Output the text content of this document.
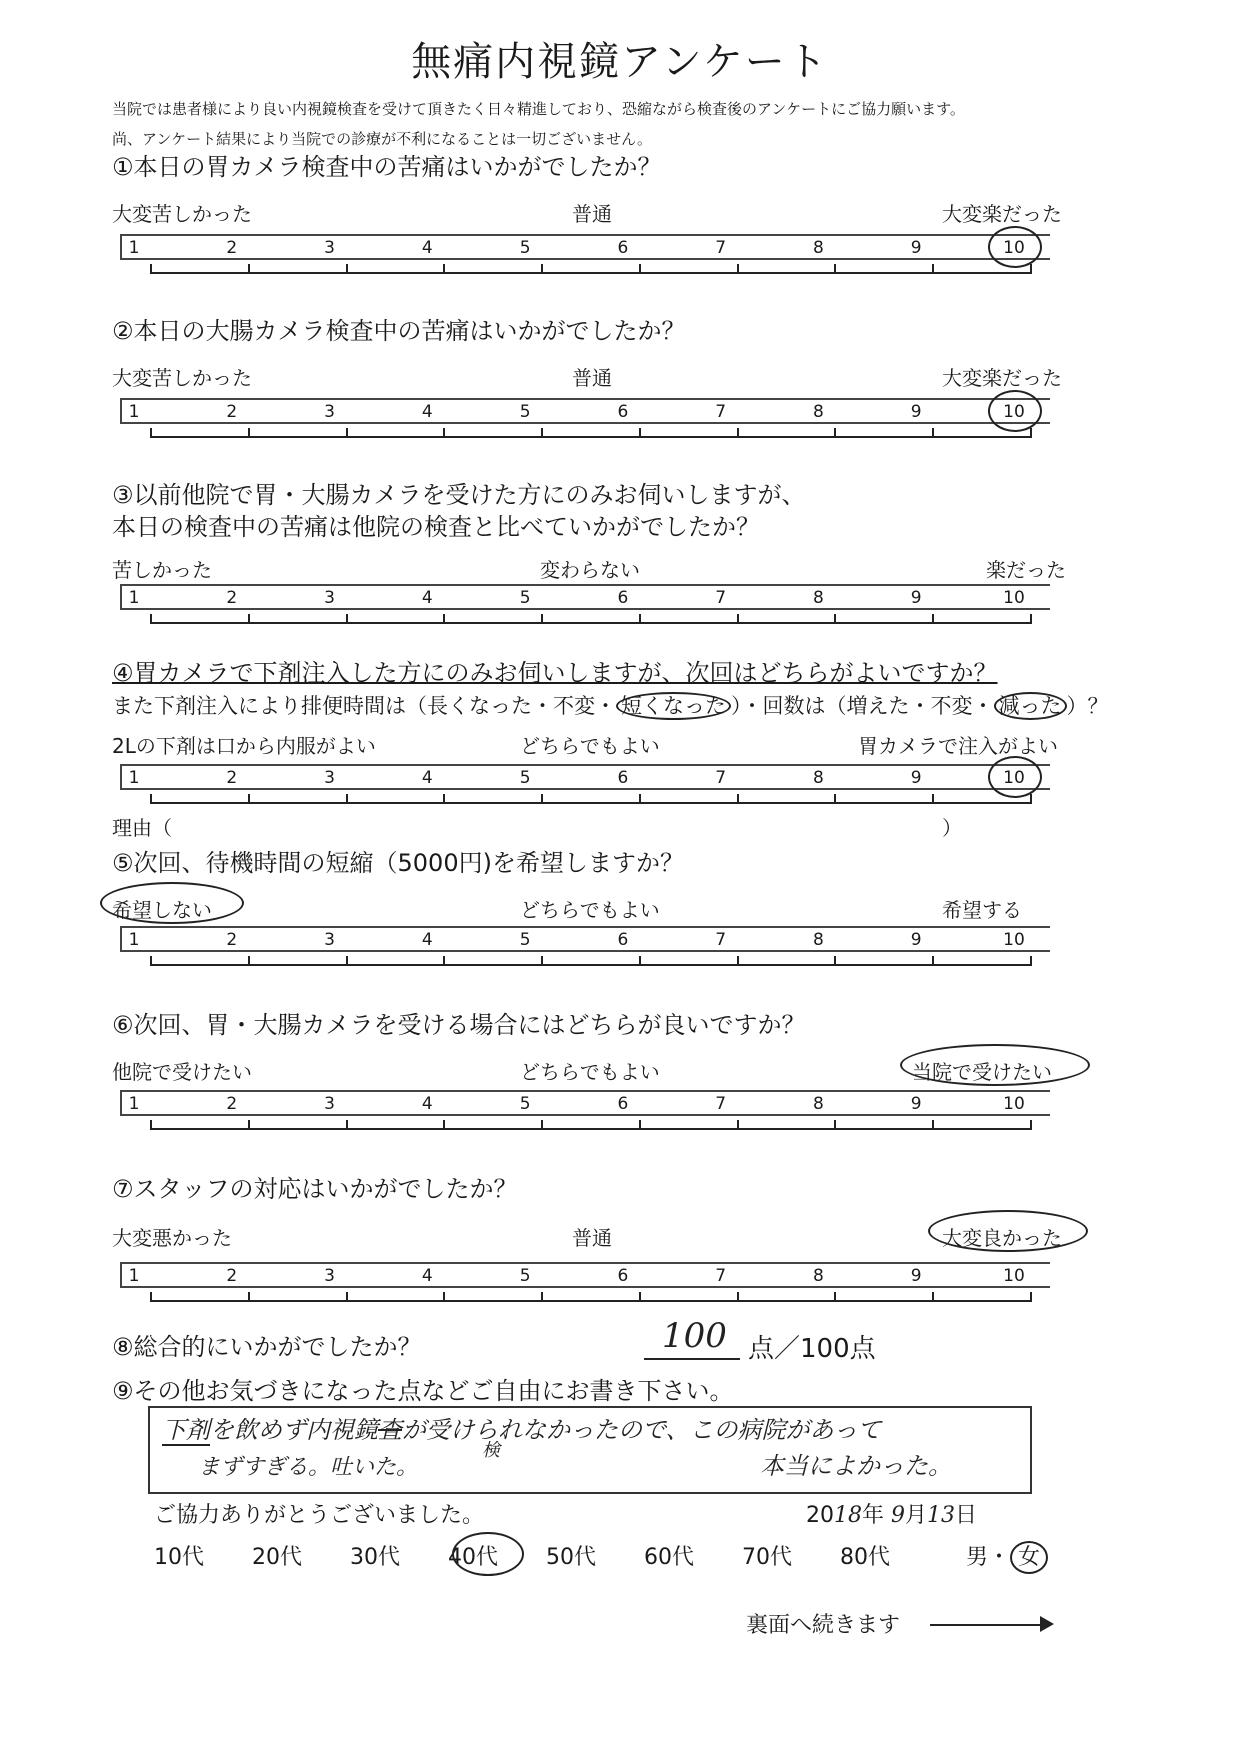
無痛内視鏡アンケート
当院では患者様により良い内視鏡検査を受けて頂きたく日々精進しており、恐縮ながら検査後のアンケートにご協力願います。
尚、アンケート結果により当院での診療が不利になることは一切ございません。
①本日の胃カメラ検査中の苦痛はいかがでしたか？
大変苦しかった	普通	大変楽だった
1	2	3	4	5	6	7	8	9	10
②本日の大腸カメラ検査中の苦痛はいかがでしたか？
大変苦しかった	普通	大変楽だった
1	2	3	4	5	6	7	8	9	10
③以前他院で胃・大腸カメラを受けた方にのみお伺いしますが、
本日の検査中の苦痛は他院の検査と比べていかがでしたか？
苦しかった	変わらない	楽だった
1	2	3	4	5	6	7	8	9	10
④胃カメラで下剤注入した方にのみお伺いしますが、次回はどちらがよいですか？
また下剤注入により排便時間は（長くなった・不変・ 短くなった ）・回数は（増えた・不変・ 減った ）？
2Lの下剤は口から内服がよい	どちらでもよい	胃カメラで注入がよい
1	2	3	4	5	6	7	8	9	10
理由（	）
⑤次回、待機時間の短縮（5000円)を希望しますか？
希望しない	どちらでもよい	希望する
1	2	3	4	5	6	7	8	9	10
⑥次回、胃・大腸カメラを受ける場合にはどちらが良いですか？
他院で受けたい	どちらでもよい	当院で受けたい
1	2	3	4	5	6	7	8	9	10
⑦スタッフの対応はいかがでしたか？
大変悪かった	普通	大変良かった
1	2	3	4	5	6	7	8	9	10
⑧総合的にいかがでしたか？	100 点／100点
⑨その他お気づきになった点などご自由にお書き下さい。
下剤を飲めず内視鏡査が受けられなかったので、この病院があって
検
まずすぎる。吐いた。	本当によかった。
ご協力ありがとうございました。	2018年 9月13日
10代 20代 30代 40代 50代 60代 70代 80代	男・ 女
裏面へ続きます
